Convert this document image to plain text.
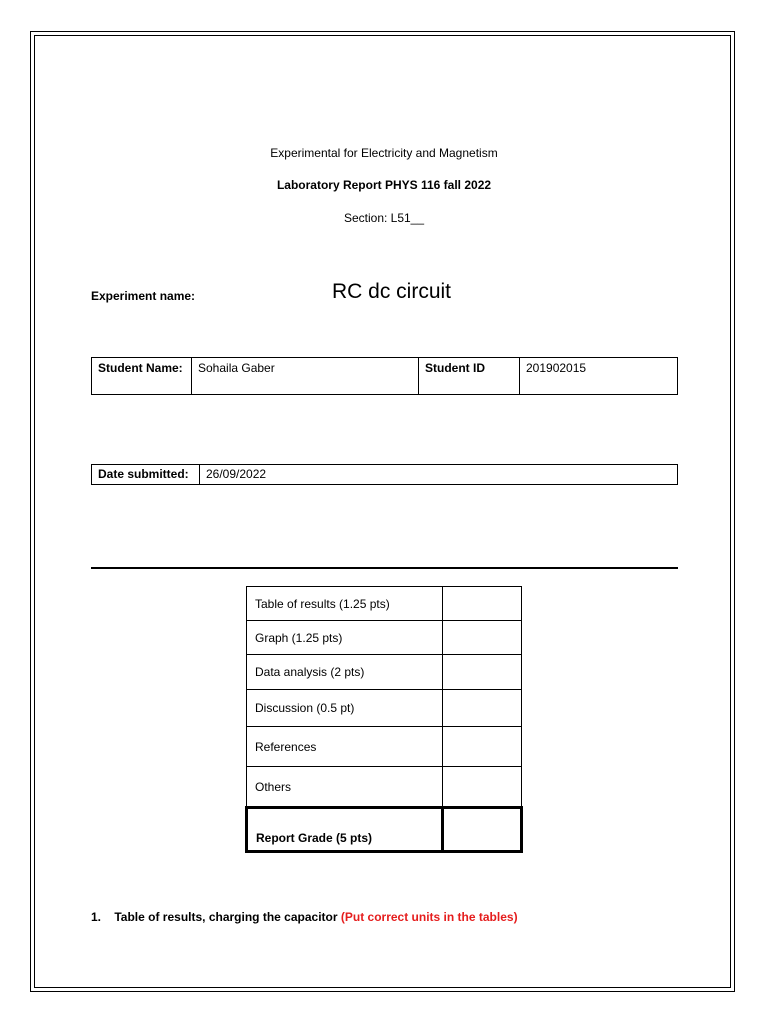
Experimental for Electricity and Magnetism
Laboratory Report PHYS 116 fall 2022
Section: L51__
Experiment name:	RC dc circuit
Student Name:	Sohaila Gaber	Student ID	201902015
Date submitted:	26/09/2022
Table of results (1.25 pts)	
Graph (1.25 pts)	
Data analysis (2 pts)	
Discussion (0.5 pt)	
References	
Others	
Report Grade (5 pts)	
1. Table of results, charging the capacitor (Put correct units in the tables)
